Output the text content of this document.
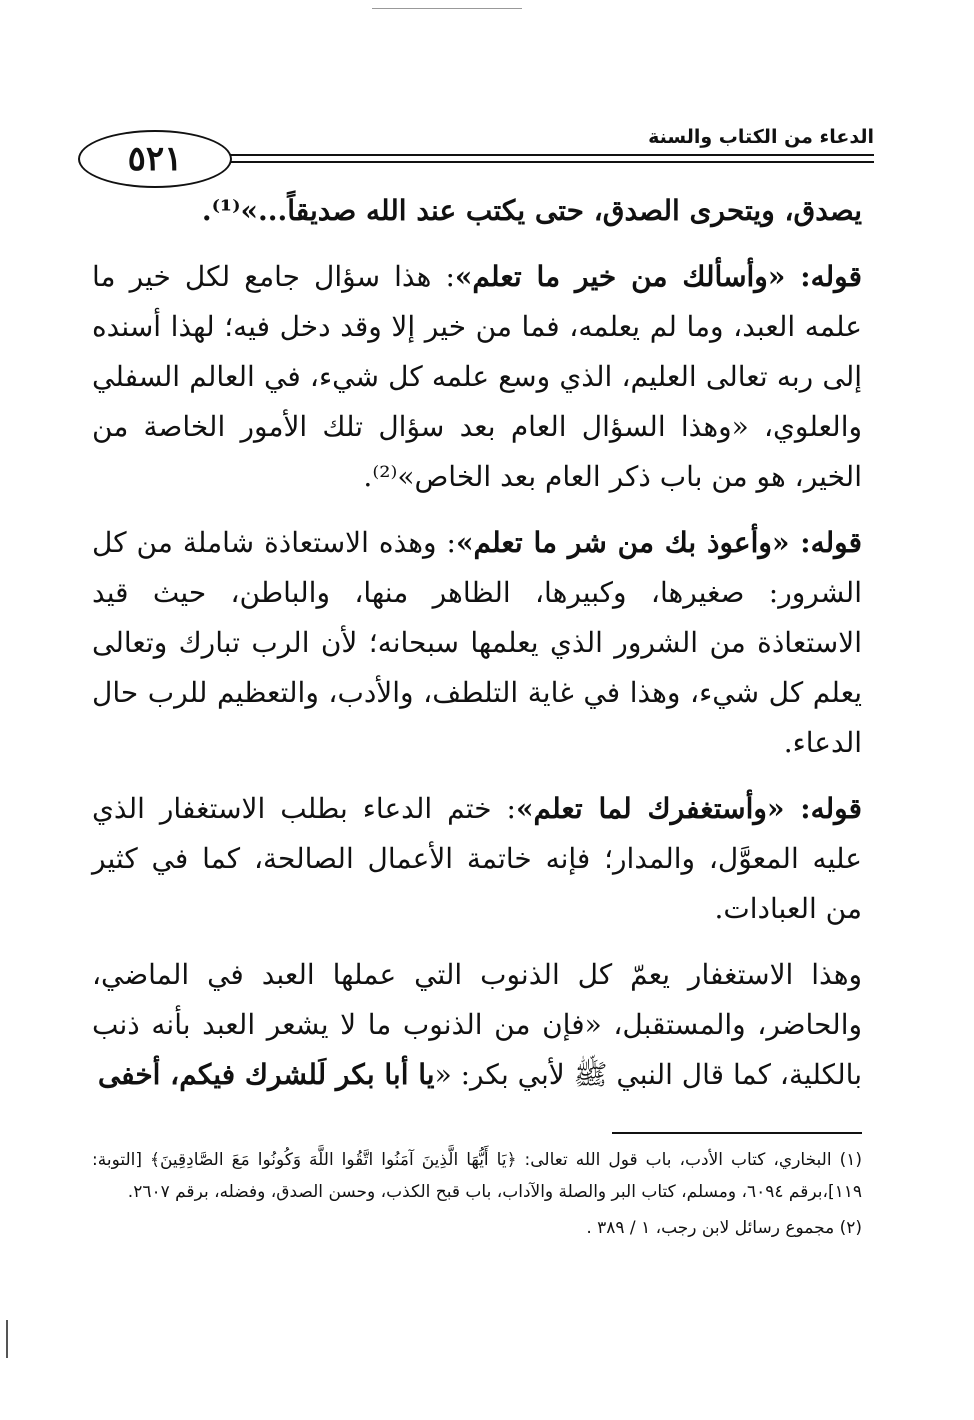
الدعاء من الكتاب والسنة
٥٢١

يصدق، ويتحرى الصدق، حتى يكتب عند الله صديقاً...»⁽¹⁾.

قوله: «وأسألك من خير ما تعلم»: هذا سؤال جامع لكل خير ما علمه العبد، وما لم يعلمه، فما من خير إلا وقد دخل فيه؛ لهذا أسنده إلى ربه تعالى العليم، الذي وسع علمه كل شيء، في العالم السفلي والعلوي، «وهذا السؤال العام بعد سؤال تلك الأمور الخاصة من الخير، هو من باب ذكر العام بعد الخاص»⁽²⁾.

قوله: «وأعوذ بك من شر ما تعلم»: وهذه الاستعاذة شاملة من كل الشرور: صغيرها، وكبيرها، الظاهر منها، والباطن، حيث قيد الاستعاذة من الشرور الذي يعلمها سبحانه؛ لأن الرب تبارك وتعالى يعلم كل شيء، وهذا في غاية التلطف، والأدب، والتعظيم للرب حال الدعاء.

قوله: «وأستغفرك لما تعلم»: ختم الدعاء بطلب الاستغفار الذي عليه المعوَّل، والمدار؛ فإنه خاتمة الأعمال الصالحة، كما في كثير من العبادات.

وهذا الاستغفار يعمّ كل الذنوب التي عملها العبد في الماضي، والحاضر، والمستقبل، «فإن من الذنوب ما لا يشعر العبد بأنه ذنب بالكلية، كما قال النبي ﷺ لأبي بكر: «يا أبا بكر لَلشرك فيكم، أخفى

(١) البخاري، كتاب الأدب، باب قول الله تعالى: ﴿يَا أَيُّهَا الَّذِينَ آمَنُوا اتَّقُوا اللَّهَ وَكُونُوا مَعَ الصَّادِقِينَ﴾ [التوبة: ١١٩]،برقم ٦٠٩٤، ومسلم، كتاب البر والصلة والآداب، باب قبح الكذب، وحسن الصدق، وفضله، برقم ٢٦٠٧.

(٢) مجموع رسائل لابن رجب، ١ / ٣٨٩ .
